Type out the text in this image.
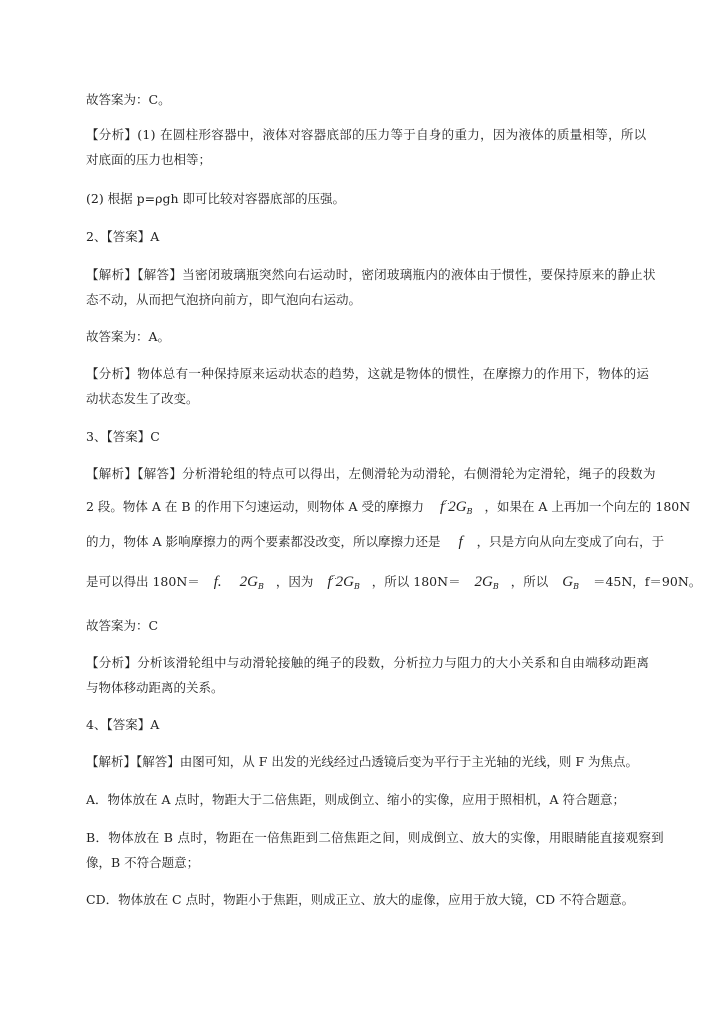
故答案为：C。
【分析】(1) 在圆柱形容器中，液体对容器底部的压力等于自身的重力，因为液体的质量相等，所以
对底面的压力也相等；
(2) 根据 p=ρgh 即可比较对容器底部的压强。
2、【答案】A
【解析】【解答】当密闭玻璃瓶突然向右运动时，密闭玻璃瓶内的液体由于惯性，要保持原来的静止状
态不动，从而把气泡挤向前方，即气泡向右运动。
故答案为：A。
【分析】物体总有一种保持原来运动状态的趋势，这就是物体的惯性，在摩擦力的作用下，物体的运
动状态发生了改变。
3、【答案】C
【解析】【解答】分析滑轮组的特点可以得出，左侧滑轮为动滑轮，右侧滑轮为定滑轮，绳子的段数为
2 段。物体 A 在 B 的作用下匀速运动，则物体 A 受的摩擦力 $f^\therefore 2G_B$ ，如果在 A 上再加一个向左的 180N
的力，物体 A 影响摩擦力的两个要素都没改变，所以摩擦力还是 f ，只是方向从向左变成了向右，于
是可以得出 180N＝ f. $2G_B$ ，因为 $f^\therefore 2G_B$ ，所以 $180N= 2G_B$ ，所以 $G_B =45N$，f＝90N。
故答案为：C
【分析】分析该滑轮组中与动滑轮接触的绳子的段数，分析拉力与阻力的大小关系和自由端移动距离
与物体移动距离的关系。
4、【答案】A
【解析】【解答】由图可知，从 F 出发的光线经过凸透镜后变为平行于主光轴的光线，则 F 为焦点。
A．物体放在 A 点时，物距大于二倍焦距，则成倒立、缩小的实像，应用于照相机，A 符合题意；
B．物体放在 B 点时，物距在一倍焦距到二倍焦距之间，则成倒立、放大的实像，用眼睛能直接观察到
像，B 不符合题意；
CD．物体放在 C 点时，物距小于焦距，则成正立、放大的虚像，应用于放大镜，CD 不符合题意。
